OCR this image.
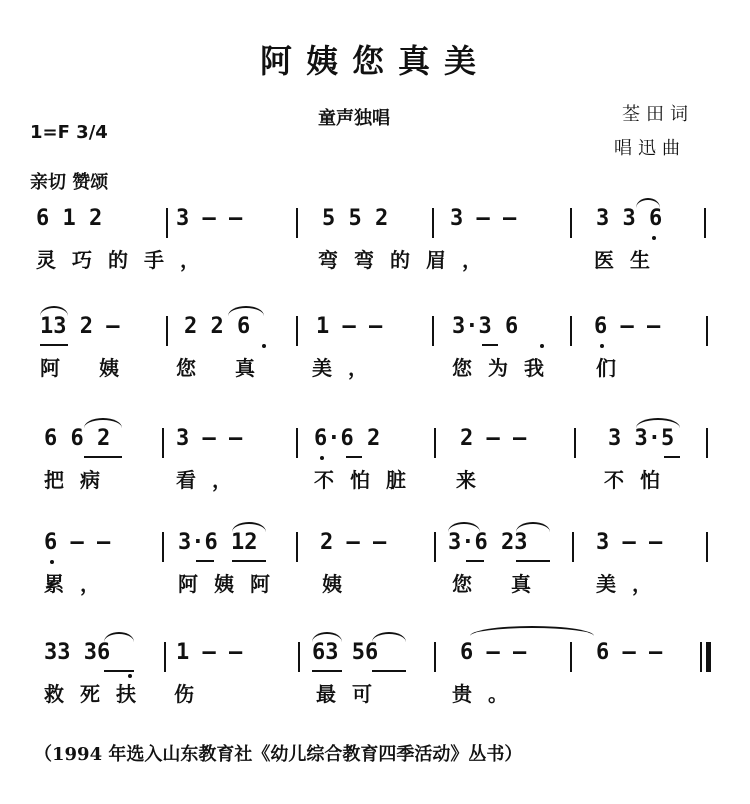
阿姨您真美
童声独唱	荃田词
唱迅曲
1=F 3/4
亲切 赞颂
6 1 2	3 — —	5 5 2	3 — —	3 3 6
灵巧的手，	弯弯的眉，	医生
13 2 —	2 2 6	1 — —	3·3 6	6 — —
阿 姨 您 真 美，	您为我 们
6 6 2	3 — —	6·6 2	2 — —	3 3·5
把病	看，	不怕脏 来	不怕
6 — —	3·6 12	2 — —	3·6 23	3 — —
累，	阿姨阿 姨	您 真 美，
33 36	1 — —	63 56	6 — —	6 — —
救死扶 伤	最可	贵。
（1994 年选入山东教育社《幼儿综合教育四季活动》丛书）
